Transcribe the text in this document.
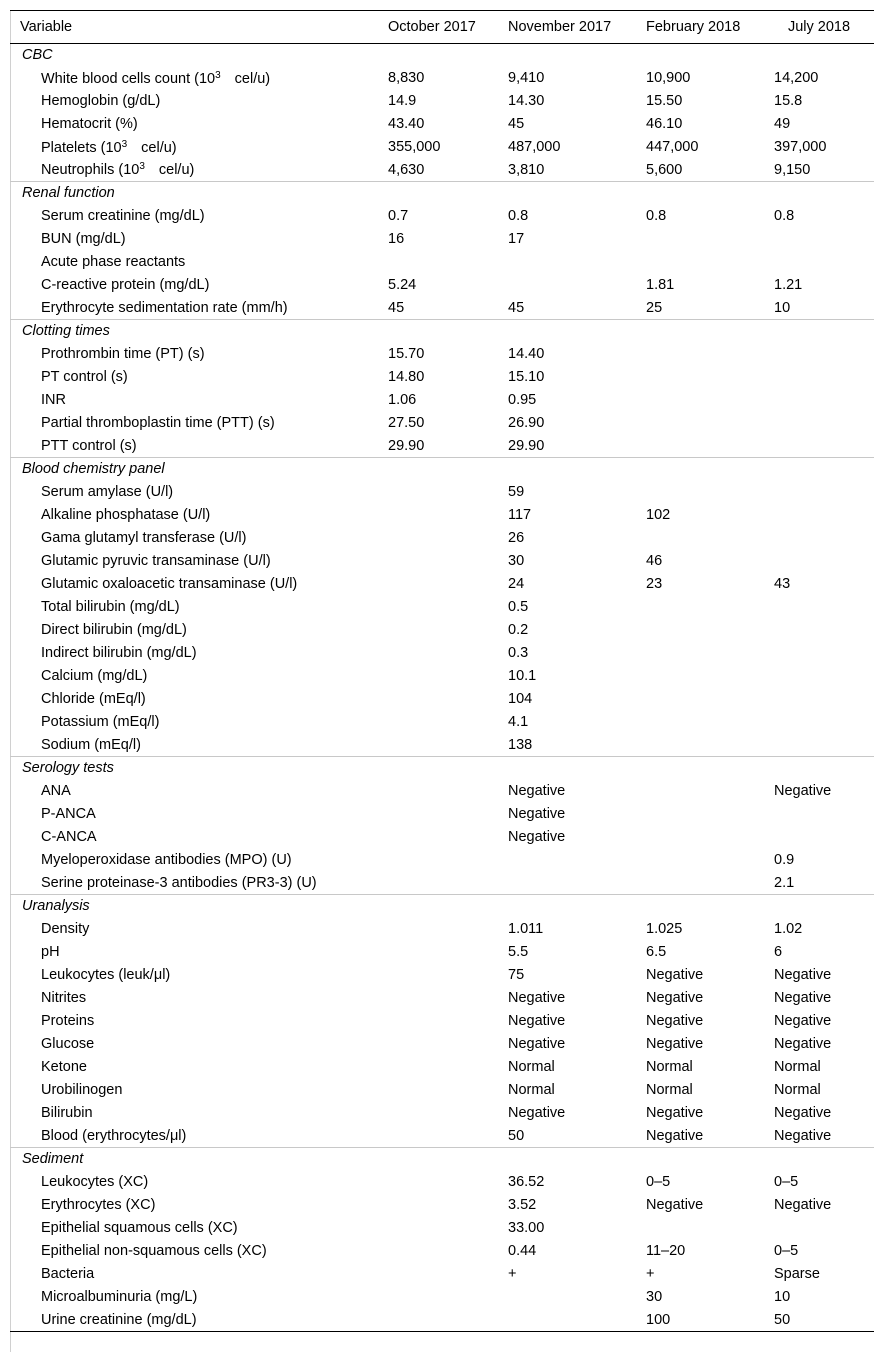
Variable	October 2017	November 2017	February 2018	July 2018
CBC				
White blood cells count ($10^3$ cel/u)	8,830	9,410	10,900	14,200
Hemoglobin (g/dL)	14.9	14.30	15.50	15.8
Hematocrit (%)	43.40	45	46.10	49
Platelets ($10^3$ cel/u)	355,000	487,000	447,000	397,000
Neutrophils ($10^3$ cel/u)	4,630	3,810	5,600	9,150
Renal function				
Serum creatinine (mg/dL)	0.7	0.8	0.8	0.8
BUN (mg/dL)	16	17		
Acute phase reactants				
C-reactive protein (mg/dL)	5.24		1.81	1.21
Erythrocyte sedimentation rate (mm/h)	45	45	25	10
Clotting times				
Prothrombin time (PT) (s)	15.70	14.40		
PT control (s)	14.80	15.10		
INR	1.06	0.95		
Partial thromboplastin time (PTT) (s)	27.50	26.90		
PTT control (s)	29.90	29.90		
Blood chemistry panel				
Serum amylase (U/l)		59		
Alkaline phosphatase (U/l)		117	102	
Gama glutamyl transferase (U/l)		26		
Glutamic pyruvic transaminase (U/l)		30	46	
Glutamic oxaloacetic transaminase (U/l)		24	23	43
Total bilirubin (mg/dL)		0.5		
Direct bilirubin (mg/dL)		0.2		
Indirect bilirubin (mg/dL)		0.3		
Calcium (mg/dL)		10.1		
Chloride (mEq/l)		104		
Potassium (mEq/l)		4.1		
Sodium (mEq/l)		138		
Serology tests				
ANA		Negative		Negative
P-ANCA		Negative		
C-ANCA		Negative		
Myeloperoxidase antibodies (MPO) (U)				0.9
Serine proteinase-3 antibodies (PR3-3) (U)				2.1
Uranalysis				
Density		1.011	1.025	1.02
pH		5.5	6.5	6
Leukocytes (leuk/μl)		75	Negative	Negative
Nitrites		Negative	Negative	Negative
Proteins		Negative	Negative	Negative
Glucose		Negative	Negative	Negative
Ketone		Normal	Normal	Normal
Urobilinogen		Normal	Normal	Normal
Bilirubin		Negative	Negative	Negative
Blood (erythrocytes/μl)		50	Negative	Negative
Sediment				
Leukocytes (XC)		36.52	0–5	0–5
Erythrocytes (XC)		3.52	Negative	Negative
Epithelial squamous cells (XC)		33.00		
Epithelial non-squamous cells (XC)		0.44	11–20	0–5
Bacteria		+	+	Sparse
Microalbuminuria (mg/L)			30	10
Urine creatinine (mg/dL)			100	50
